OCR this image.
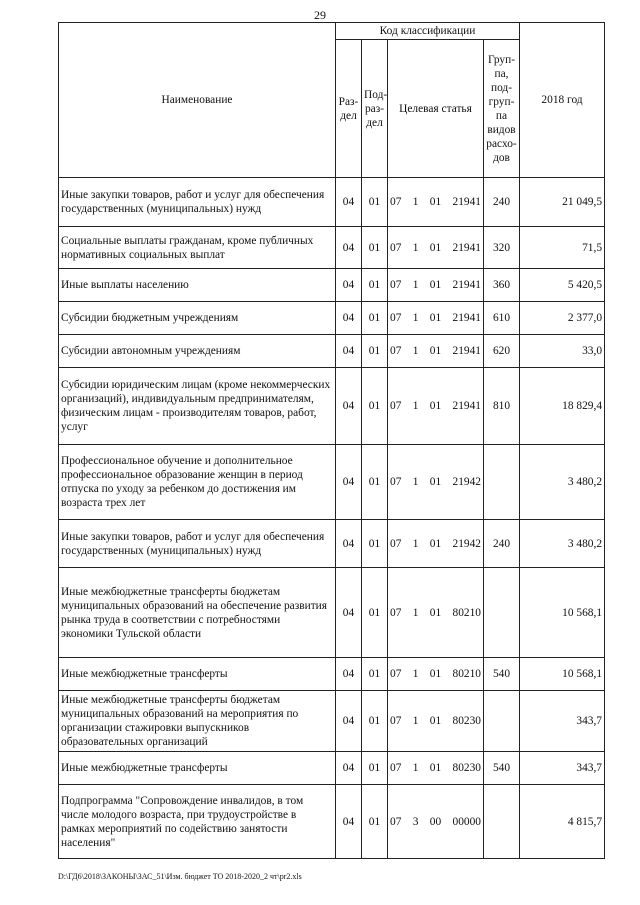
29
Наименование	Код классификации				2018 год
	Раз-дел	Под-раз-дел	Целевая статья	Груп-па, под-груп-па видов расхо-дов	
Иные закупки товаров, работ и услуг для обеспечения государственных (муниципальных) нужд	04	01	07 1 01 21941	240	21 049,5
Социальные выплаты гражданам, кроме публичных нормативных социальных выплат	04	01	07 1 01 21941	320	71,5
Иные выплаты населению	04	01	07 1 01 21941	360	5 420,5
Субсидии бюджетным учреждениям	04	01	07 1 01 21941	610	2 377,0
Субсидии автономным учреждениям	04	01	07 1 01 21941	620	33,0
Субсидии юридическим лицам (кроме некоммерческих организаций), индивидуальным предпринимателям, физическим лицам - производителям товаров, работ, услуг	04	01	07 1 01 21941	810	18 829,4
Профессиональное обучение и дополнительное профессиональное образование женщин в период отпуска по уходу за ребенком до достижения им возраста трех лет	04	01	07 1 01 21942		3 480,2
Иные закупки товаров, работ и услуг для обеспечения государственных (муниципальных) нужд	04	01	07 1 01 21942	240	3 480,2
Иные межбюджетные трансферты бюджетам муниципальных образований на обеспечение развития рынка труда в соответствии с потребностями экономики Тульской области	04	01	07 1 01 80210		10 568,1
Иные межбюджетные трансферты	04	01	07 1 01 80210	540	10 568,1
Иные межбюджетные трансферты бюджетам муниципальных образований на мероприятия по организации стажировки выпускников образовательных организаций	04	01	07 1 01 80230		343,7
Иные межбюджетные трансферты	04	01	07 1 01 80230	540	343,7
Подпрограмма "Сопровождение инвалидов, в том числе молодого возраста, при трудоустройстве в рамках мероприятий по содействию занятости населения"	04	01	07 3 00 00000		4 815,7
D:\ГД6\2018\ЗАКОНЫ\ЗАС_51\Изм. бюджет ТО 2018-2020_2 чт\pr2.xls
